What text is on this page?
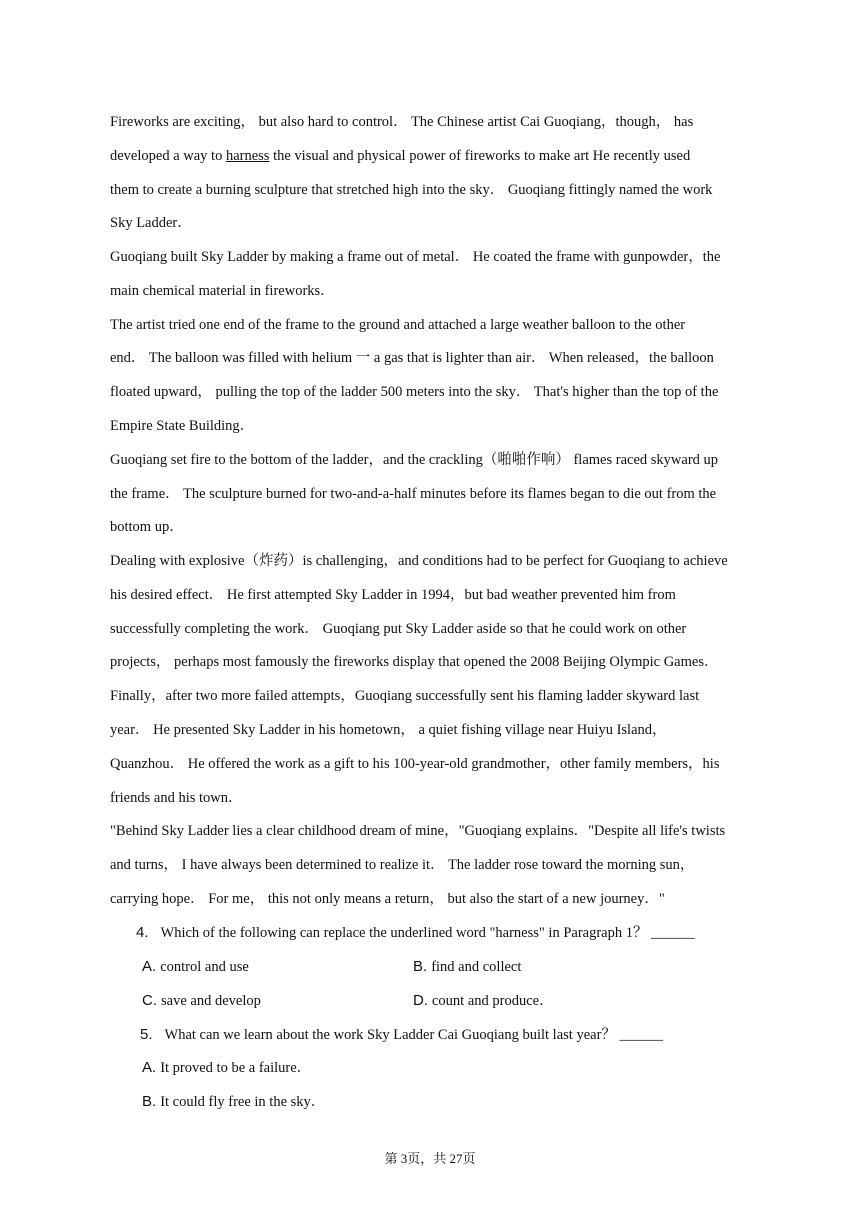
Fireworks are exciting， but also hard to control． The Chinese artist Cai Guoqiang，though， has
developed a way to harness the visual and physical power of fireworks to make art He recently used
them to create a burning sculpture that stretched high into the sky． Guoqiang fittingly named the work
Sky Ladder．
Guoqiang built Sky Ladder by making a frame out of metal． He coated the frame with gunpowder，the
main chemical material in fireworks．
The artist tried one end of the frame to the ground and attached a large weather balloon to the other
end． The balloon was filled with helium 一 a gas that is lighter than air． When released，the balloon
floated upward， pulling the top of the ladder 500 meters into the sky． That's higher than the top of the
Empire State Building．
Guoqiang set fire to the bottom of the ladder，and the crackling（啪啪作响） flames raced skyward up
the frame． The sculpture burned for two-and-a-half minutes before its flames began to die out from the
bottom up．
Dealing with explosive（炸药）is challenging，and conditions had to be perfect for Guoqiang to achieve
his desired effect． He first attempted Sky Ladder in 1994，but bad weather prevented him from
successfully completing the work． Guoqiang put Sky Ladder aside so that he could work on other
projects， perhaps most famously the fireworks display that opened the 2008 Beijing Olympic Games．
Finally，after two more failed attempts，Guoqiang successfully sent his flaming ladder skyward last
year． He presented Sky Ladder in his hometown， a quiet fishing village near Huiyu Island，
Quanzhou． He offered the work as a gift to his 100-year-old grandmother，other family members，his
friends and his town．
"Behind Sky Ladder lies a clear childhood dream of mine，"Guoqiang explains．"Despite all life's twists
and turns， I have always been determined to realize it． The ladder rose toward the morning sun，
carrying hope． For me， this not only means a return， but also the start of a new journey．"
4. Which of the following can replace the underlined word "harness" in Paragraph 1？ ______
A. control and use	B. find and collect
C. save and develop	D. count and produce．
5. What can we learn about the work Sky Ladder Cai Guoqiang built last year？ ______
A. It proved to be a failure．
B. It could fly free in the sky．
第 3页，共 27页
